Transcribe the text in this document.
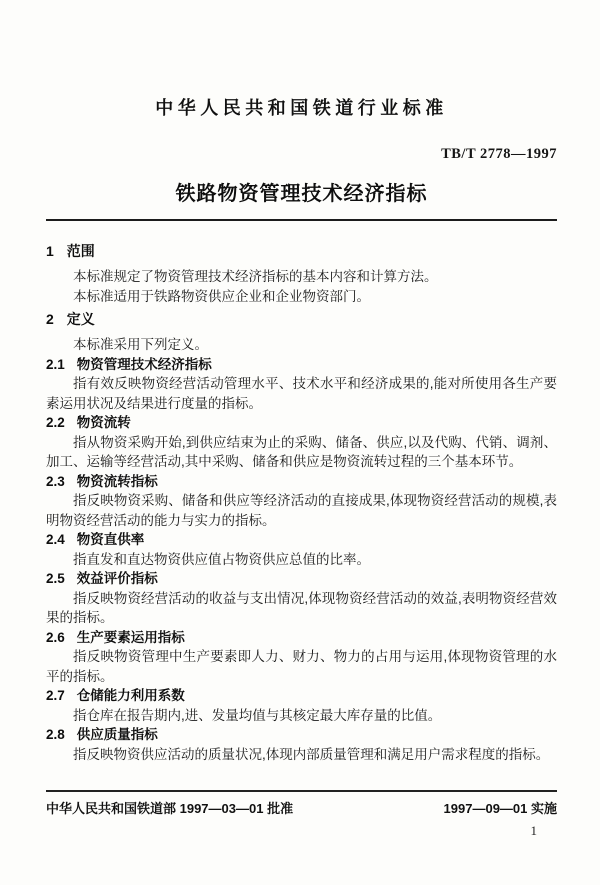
中华人民共和国铁道行业标准
TB/T 2778—1997
铁路物资管理技术经济指标
1 范围

本标准规定了物资管理技术经济指标的基本内容和计算方法。

本标准适用于铁路物资供应企业和企业物资部门。

2 定义

本标准采用下列定义。

2.1 物资管理技术经济指标

指有效反映物资经营活动管理水平、技术水平和经济成果的,能对所使用各生产要素运用状况及结果进行度量的指标。

2.2 物资流转

指从物资采购开始,到供应结束为止的采购、储备、供应,以及代购、代销、调剂、加工、运输等经营活动,其中采购、储备和供应是物资流转过程的三个基本环节。

2.3 物资流转指标

指反映物资采购、储备和供应等经济活动的直接成果,体现物资经营活动的规模,表明物资经营活动的能力与实力的指标。

2.4 物资直供率

指直发和直达物资供应值占物资供应总值的比率。

2.5 效益评价指标

指反映物资经营活动的收益与支出情况,体现物资经营活动的效益,表明物资经营效果的指标。

2.6 生产要素运用指标

指反映物资管理中生产要素即人力、财力、物力的占用与运用,体现物资管理的水平的指标。

2.7 仓储能力利用系数

指仓库在报告期内,进、发量均值与其核定最大库存量的比值。

2.8 供应质量指标

指反映物资供应活动的质量状况,体现内部质量管理和满足用户需求程度的指标。

中华人民共和国铁道部 1997—03—01 批准	1997—09—01 实施
1
